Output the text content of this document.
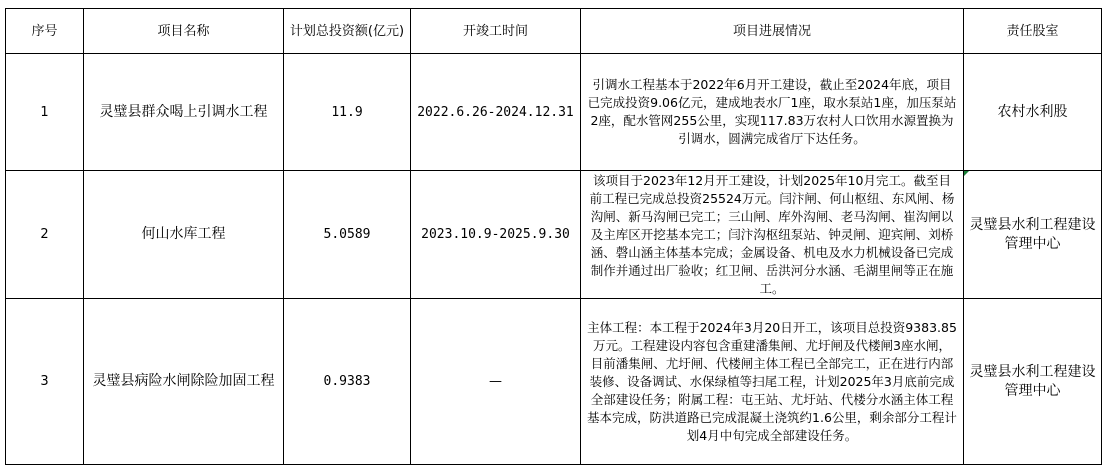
序号	项目名称	计划总投资额(亿元)	开竣工时间	项目进展情况	责任股室
1	灵璧县群众喝上引调水工程	11.9	2022.6.26-2024.12.31	引调水工程基本于2022年6月开工建设，截止至2024年底，项目已完成投资9.06亿元，建成地表水厂1座，取水泵站1座，加压泵站2座，配水管网255公里，实现117.83万农村人口饮用水源置换为引调水，圆满完成省厅下达任务。	农村水利股
2	何山水库工程	5.0589	2023.10.9-2025.9.30	该项目于2023年12月开工建设，计划2025年10月完工。截至目前工程已完成总投资25524万元。闫汴闸、何山枢纽、东风闸、杨沟闸、新马沟闸已完工；三山闸、库外沟闸、老马沟闸、崔沟闸以及主库区开挖基本完工；闫汴沟枢纽泵站、钟灵闸、迎宾闸、刘桥涵、磬山涵主体基本完成；金属设备、机电及水力机械设备已完成制作并通过出厂验收；红卫闸、岳洪河分水涵、毛湖里闸等正在施工。	灵璧县水利工程建设管理中心
3	灵璧县病险水闸除险加固工程	0.9383	—	主体工程：本工程于2024年3月20日开工，该项目总投资9383.85万元。工程建设内容包含重建潘集闸、尤圩闸及代楼闸3座水闸，目前潘集闸、尤圩闸、代楼闸主体工程已全部完工，正在进行内部装修、设备调试、水保绿植等扫尾工程，计划2025年3月底前完成全部建设任务；附属工程：屯王站、尤圩站、代楼分水涵主体工程基本完成，防洪道路已完成混凝土浇筑约1.6公里，剩余部分工程计划4月中旬完成全部建设任务。	灵璧县水利工程建设管理中心
